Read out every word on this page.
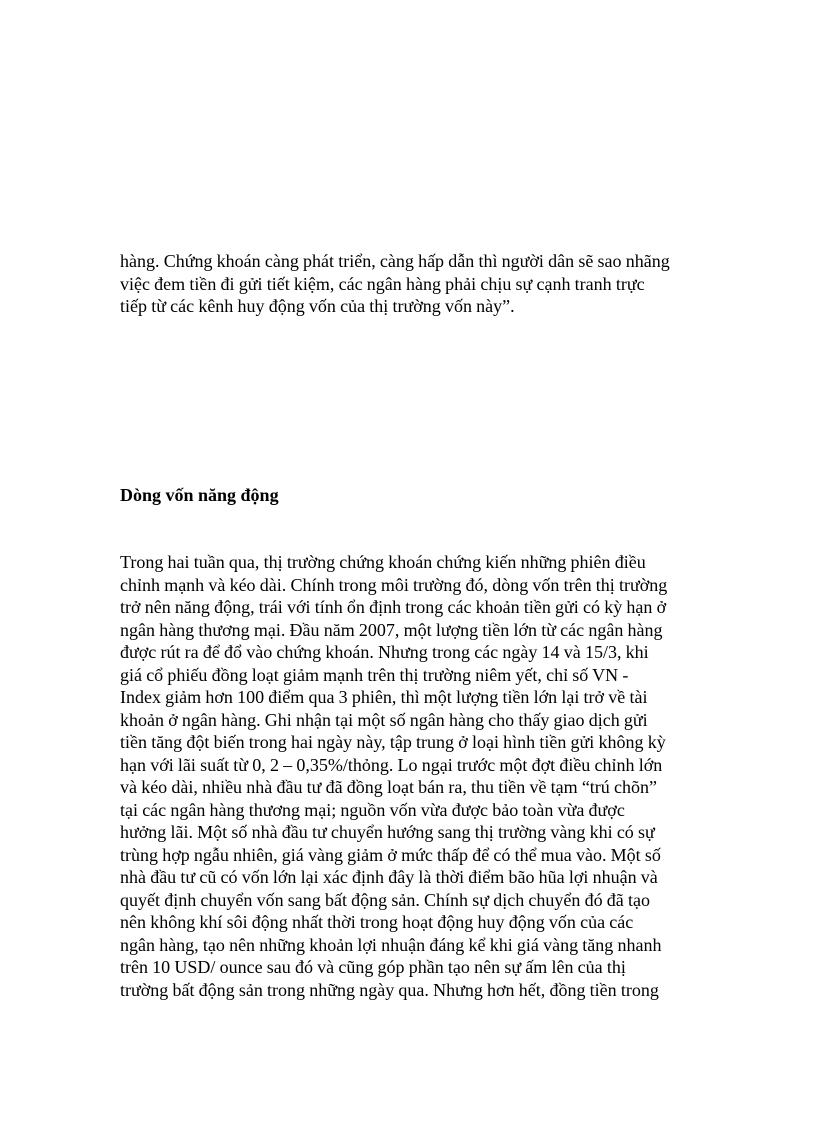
hàng. Chứng khoán càng phát triển, càng hấp dẫn thì người dân sẽ sao nhãng
việc đem tiền đi gửi tiết kiệm, các ngân hàng phải chịu sự cạnh tranh trực
tiếp từ các kênh huy động vốn của thị trường vốn này”.

Dòng vốn năng động

Trong hai tuần qua, thị trường chứng khoán chứng kiến những phiên điều
chỉnh mạnh và kéo dài. Chính trong môi trường đó, dòng vốn trên thị trường
trở nên năng động, trái với tính ổn định trong các khoản tiền gửi có kỳ hạn ở
ngân hàng thương mại. Đầu năm 2007, một lượng tiền lớn từ các ngân hàng
được rút ra để đổ vào chứng khoán. Nhưng trong các ngày 14 và 15/3, khi
giá cổ phiếu đồng loạt giảm mạnh trên thị trường niêm yết, chỉ số VN -
Index giảm hơn 100 điểm qua 3 phiên, thì một lượng tiền lớn lại trở về tài
khoản ở ngân hàng. Ghi nhận tại một số ngân hàng cho thấy giao dịch gửi
tiền tăng đột biến trong hai ngày này, tập trung ở loại hình tiền gửi không kỳ
hạn với lãi suất từ 0, 2 – 0,35%/thỏng. Lo ngại trước một đợt điều chỉnh lớn
và kéo dài, nhiều nhà đầu tư đã đồng loạt bán ra, thu tiền về tạm “trú chõn”
tại các ngân hàng thương mại; nguồn vốn vừa được bảo toàn vừa được
hưởng lãi. Một số nhà đầu tư chuyển hướng sang thị trường vàng khi có sự
trùng hợp ngẫu nhiên, giá vàng giảm ở mức thấp để có thể mua vào. Một số
nhà đầu tư cũ có vốn lớn lại xác định đây là thời điểm bão hũa lợi nhuận và
quyết định chuyển vốn sang bất động sản. Chính sự dịch chuyển đó đã tạo
nên không khí sôi động nhất thời trong hoạt động huy động vốn của các
ngân hàng, tạo nên những khoản lợi nhuận đáng kể khi giá vàng tăng nhanh
trên 10 USD/ ounce sau đó và cũng góp phần tạo nên sự ấm lên của thị
trường bất động sản trong những ngày qua. Nhưng hơn hết, đồng tiền trong
